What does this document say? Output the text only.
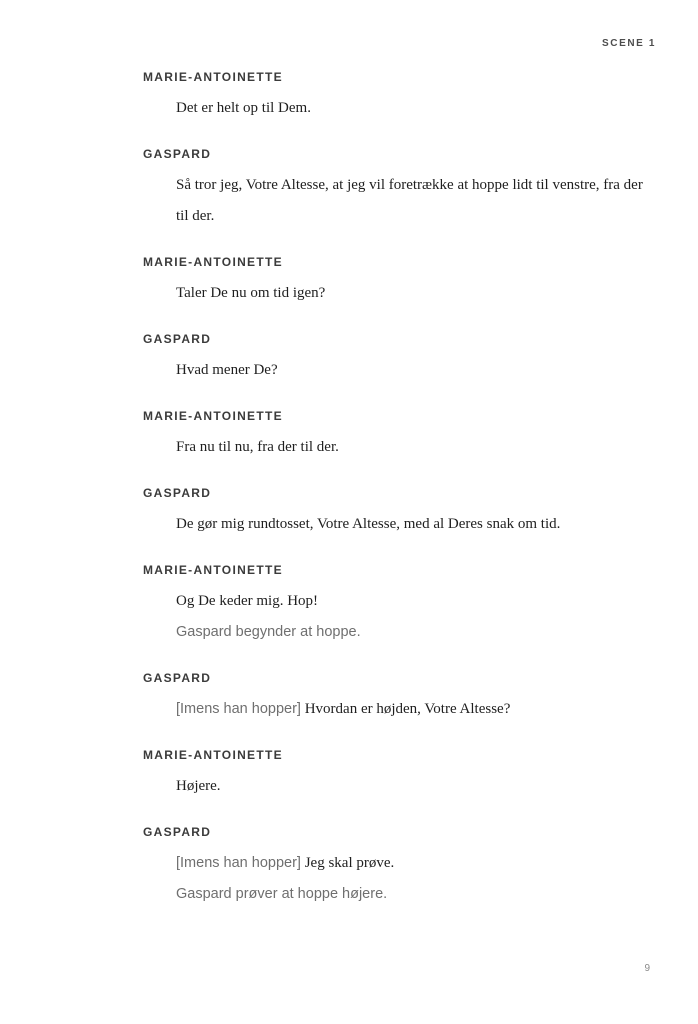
SCENE 1
MARIE-ANTOINETTE
Det er helt op til Dem.
GASPARD
Så tror jeg, Votre Altesse, at jeg vil foretrække at hoppe lidt til venstre, fra der til der.
MARIE-ANTOINETTE
Taler De nu om tid igen?
GASPARD
Hvad mener De?
MARIE-ANTOINETTE
Fra nu til nu, fra der til der.
GASPARD
De gør mig rundtosset, Votre Altesse, med al Deres snak om tid.
MARIE-ANTOINETTE
Og De keder mig. Hop!
Gaspard begynder at hoppe.
GASPARD
[Imens han hopper] Hvordan er højden, Votre Altesse?
MARIE-ANTOINETTE
Højere.
GASPARD
[Imens han hopper] Jeg skal prøve.
Gaspard prøver at hoppe højere.
9
